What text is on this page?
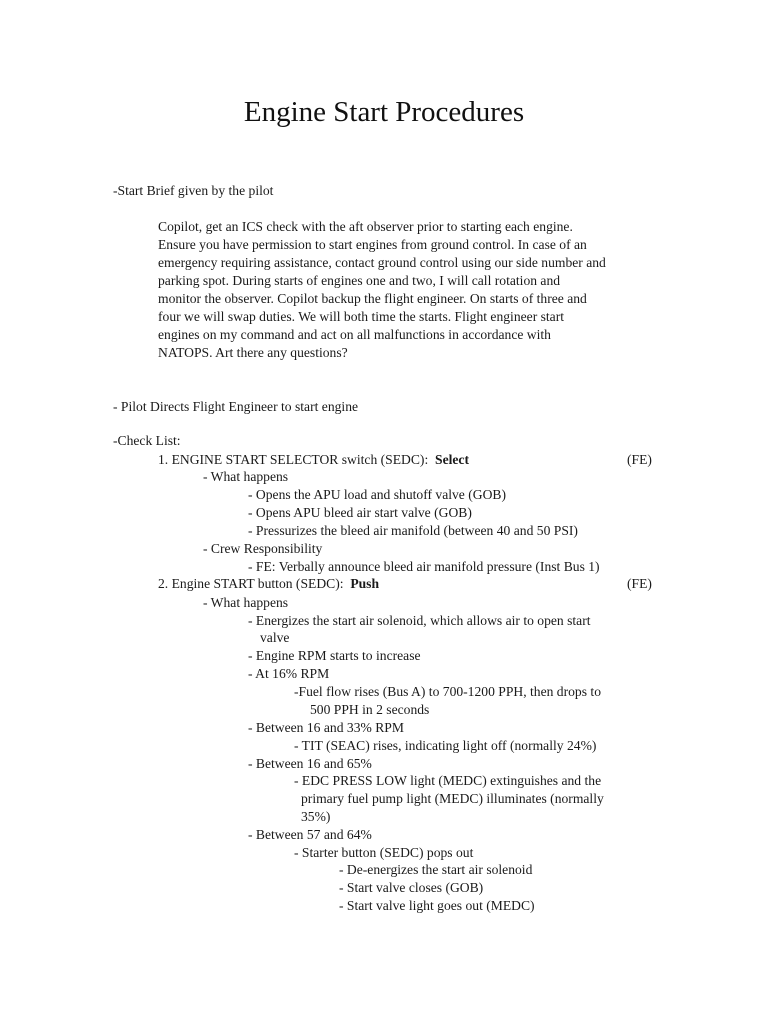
Engine Start Procedures

-Start Brief given by the pilot

Copilot, get an ICS check with the aft observer prior to starting each engine.

Ensure you have permission to start engines from ground control. In case of an

emergency requiring assistance, contact ground control using our side number and

parking spot. During starts of engines one and two, I will call rotation and

monitor the observer. Copilot backup the flight engineer. On starts of three and

four we will swap duties. We will both time the starts. Flight engineer start

engines on my command and act on all malfunctions in accordance with

NATOPS. Art there any questions?

- Pilot Directs Flight Engineer to start engine

-Check List:

1. ENGINE START SELECTOR switch (SEDC): Select	(FE)

- What happens

- Opens the APU load and shutoff valve (GOB)

- Opens APU bleed air start valve (GOB)

- Pressurizes the bleed air manifold (between 40 and 50 PSI)

- Crew Responsibility

- FE: Verbally announce bleed air manifold pressure (Inst Bus 1)

2. Engine START button (SEDC): Push	(FE)

- What happens

- Energizes the start air solenoid, which allows air to open start

valve

- Engine RPM starts to increase

- At 16% RPM

-Fuel flow rises (Bus A) to 700-1200 PPH, then drops to

500 PPH in 2 seconds

- Between 16 and 33% RPM

- TIT (SEAC) rises, indicating light off (normally 24%)

- Between 16 and 65%

- EDC PRESS LOW light (MEDC) extinguishes and the

primary fuel pump light (MEDC) illuminates (normally

35%)

- Between 57 and 64%

- Starter button (SEDC) pops out

- De-energizes the start air solenoid

- Start valve closes (GOB)

- Start valve light goes out (MEDC)
